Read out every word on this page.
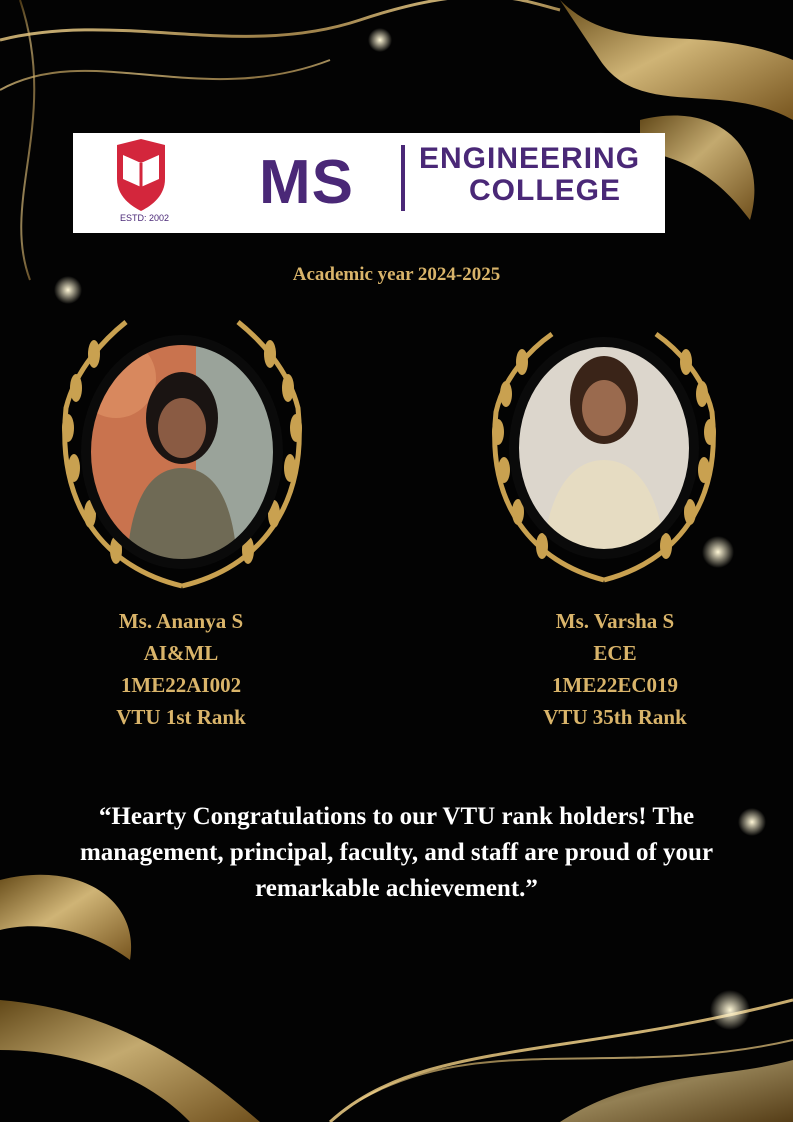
ESTD: 2002
MS ENGINEERING
COLLEGE
Academic year 2024-2025
Ms. Ananya S
AI&ML
1ME22AI002
VTU 1st Rank
Ms. Varsha S
ECE
1ME22EC019
VTU 35th Rank
“Hearty Congratulations to our VTU rank holders! The
management, principal, faculty, and staff are proud of your
remarkable achievement.”
